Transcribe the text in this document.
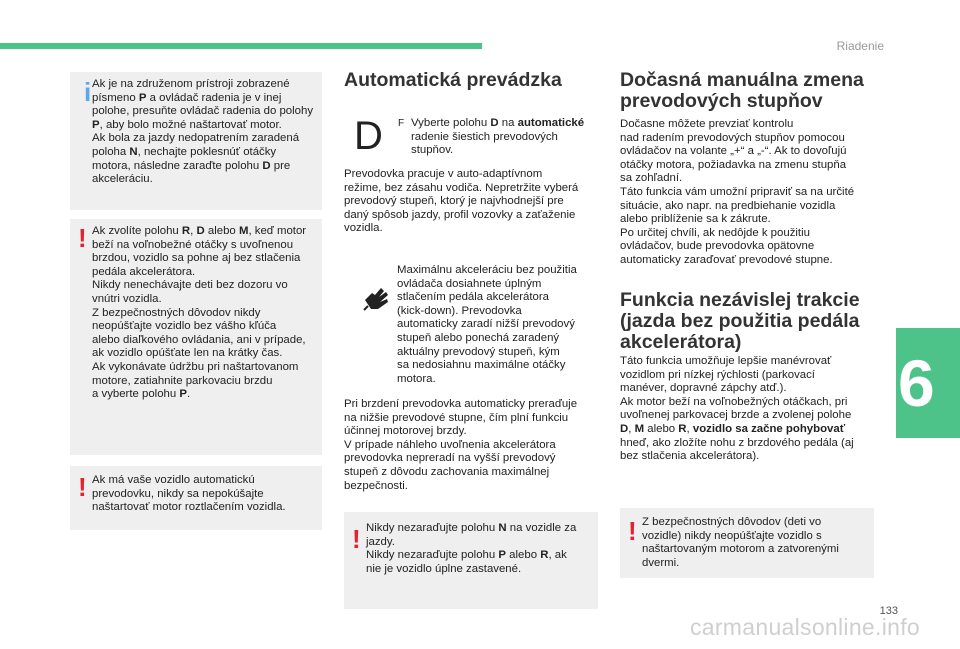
Riadenie
6
133
carmanualsonline.info
i Ak je na združenom prístroji zobrazené

písmeno P a ovládač radenia je v inej

polohe, presuňte ovládač radenia do polohy

P, aby bolo možné naštartovať motor.

Ak bola za jazdy nedopatrením zaradená

poloha N, nechajte poklesnúť otáčky

motora, následne zaraďte polohu D pre

akceleráciu.

! Ak zvolíte polohu R, D alebo M, keď motor

beží na voľnobežné otáčky s uvoľnenou

brzdou, vozidlo sa pohne aj bez stlačenia

pedála akcelerátora.

Nikdy nenechávajte deti bez dozoru vo

vnútri vozidla.

Z bezpečnostných dôvodov nikdy

neopúšťajte vozidlo bez vášho kľúča

alebo diaľkového ovládania, ani v prípade,

ak vozidlo opúšťate len na krátky čas.

Ak vykonávate údržbu pri naštartovanom

motore, zatiahnite parkovaciu brzdu

a vyberte polohu P.

! Ak má vaše vozidlo automatickú

prevodovku, nikdy sa nepokúšajte

naštartovať motor roztlačením vozidla.

Automatická prevádzka
D F Vyberte polohu D na automatické

radenie šiestich prevodových

stupňov.

Prevodovka pracuje v auto-adaptívnom

režime, bez zásahu vodiča. Nepretržite vyberá

prevodový stupeň, ktorý je najvhodnejší pre

daný spôsob jazdy, profil vozovky a zaťaženie

vozidla.

Maximálnu akceleráciu bez použitia

ovládača dosiahnete úplným

stlačením pedála akcelerátora

(kick-down). Prevodovka

automaticky zaradí nižší prevodový

stupeň alebo ponechá zaradený

aktuálny prevodový stupeň, kým

sa nedosiahnu maximálne otáčky

motora.

Pri brzdení prevodovka automaticky preraďuje

na nižšie prevodové stupne, čím plní funkciu

účinnej motorovej brzdy.

V prípade náhleho uvoľnenia akcelerátora

prevodovka nepreradí na vyšší prevodový

stupeň z dôvodu zachovania maximálnej

bezpečnosti.

! Nikdy nezaraďujte polohu N na vozidle za

jazdy.

Nikdy nezaraďujte polohu P alebo R, ak

nie je vozidlo úplne zastavené.

Dočasná manuálna zmena
prevodových stupňov

Dočasne môžete prevziať kontrolu

nad radením prevodových stupňov pomocou

ovládačov na volante „+“ a „-“. Ak to dovoľujú

otáčky motora, požiadavka na zmenu stupňa

sa zohľadní.

Táto funkcia vám umožní pripraviť sa na určité

situácie, ako napr. na predbiehanie vozidla

alebo priblíženie sa k zákrute.

Po určitej chvíli, ak nedôjde k použitiu

ovládačov, bude prevodovka opätovne

automaticky zaraďovať prevodové stupne.

Funkcia nezávislej trakcie
(jazda bez použitia pedála
akcelerátora)

Táto funkcia umožňuje lepšie manévrovať

vozidlom pri nízkej rýchlosti (parkovací

manéver, dopravné zápchy atď.).

Ak motor beží na voľnobežných otáčkach, pri

uvoľnenej parkovacej brzde a zvolenej polohe

D, M alebo R, vozidlo sa začne pohybovať

hneď, ako zložíte nohu z brzdového pedála (aj

bez stlačenia akcelerátora).

! Z bezpečnostných dôvodov (deti vo

vozidle) nikdy neopúšťajte vozidlo s

naštartovaným motorom a zatvorenými

dvermi.
